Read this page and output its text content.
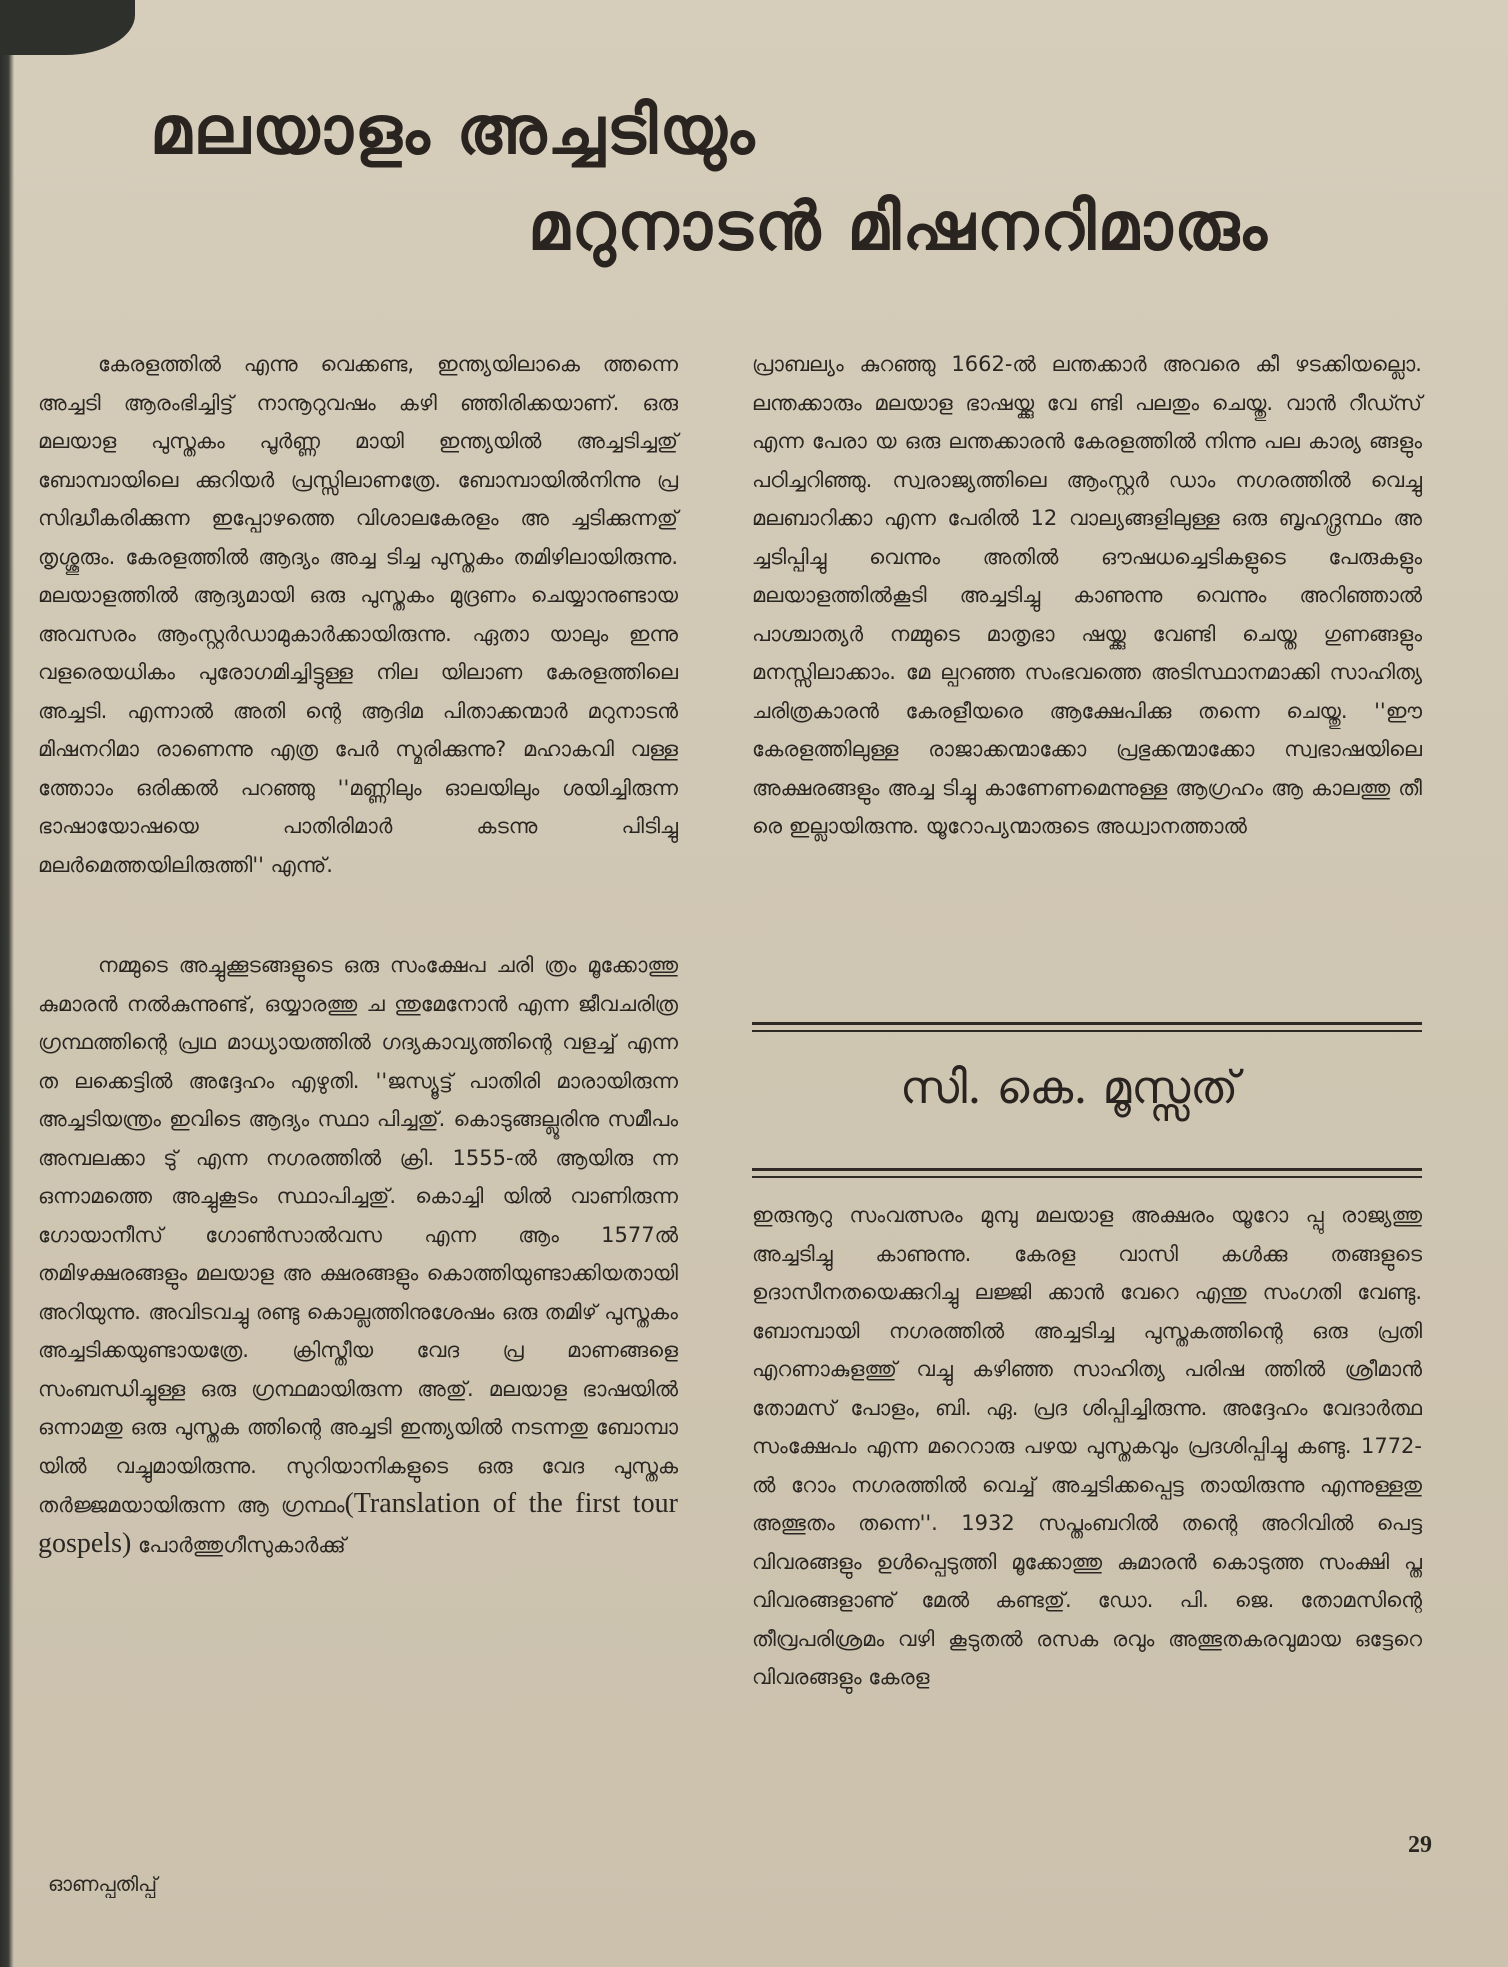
മലയാളം അച്ചടിയും
മറുനാടൻ മിഷനറിമാരും

കേരളത്തിൽ എന്നു വെക്കണ്ട, ഇന്ത്യയിലാകെ ത്തന്നെ അച്ചടി ആരംഭിച്ചിട്ട് നാനൂറുവഷം കഴി ഞ്ഞിരിക്കയാണ്. ഒരു മലയാള പുസ്തകം പൂർണ്ണ മായി ഇന്ത്യയിൽ അച്ചടിച്ചതു് ബോമ്പായിലെ ക്കുറിയർ പ്രസ്സിലാണത്രേ. ബോമ്പായിൽനിന്നു പ്ര സിദ്ധീകരിക്കുന്ന ഇപ്പോഴത്തെ വിശാലകേരളം അ ച്ചടിക്കുന്നതു് തൃശ്ശൂരും. കേരളത്തിൽ ആദ്യം അച്ച ടിച്ച പുസ്തകം തമിഴിലായിരുന്നു. മലയാളത്തിൽ ആദ്യമായി ഒരു പുസ്തകം മുദ്രണം ചെയ്യാനുണ്ടായ അവസരം ആംസ്റ്റർഡാമുകാർക്കായിരുന്നു. ഏതാ യാലും ഇന്നു വളരെയധികം പുരോഗമിച്ചിട്ടുള്ള നില യിലാണ കേരളത്തിലെ അച്ചടി. എന്നാൽ അതി ന്റെ ആദിമ പിതാക്കന്മാർ മറുനാടൻ മിഷനറിമാ രാണെന്നു എത്ര പേർ സ്മരിക്കുന്നു? മഹാകവി വള്ള ത്തോാം ഒരിക്കൽ പറഞ്ഞു ''മണ്ണിലും ഓലയിലും ശയിച്ചിരുന്ന ഭാഷായോഷയെ പാതിരിമാർ കടന്നു പിടിച്ചു മലർമെത്തയിലിരുത്തി'' എന്നു്.

നമ്മുടെ അച്ചുക്കൂടങ്ങളുടെ ഒരു സംക്ഷേപ ചരി ത്രം മൂക്കോത്തു കുമാരൻ നൽകുന്നുണ്ട്, ഒയ്യാരത്തു ച ന്തുമേനോൻ എന്ന ജീവചരിത്ര ഗ്രന്ഥത്തിന്റെ പ്രഥ മാധ്യായത്തിൽ ഗദ്യകാവ്യത്തിന്റെ വളച്ച് എന്ന ത ലക്കെട്ടിൽ അദ്ദേഹം എഴുതി. ''ജസ്യൂട്ട് പാതിരി മാരായിരുന്ന അച്ചടിയന്ത്രം ഇവിടെ ആദ്യം സ്ഥാ പിച്ചതു്. കൊടുങ്ങല്ലൂരിനു സമീപം അമ്പലക്കാ ടു് എന്ന നഗരത്തിൽ ക്രി. 1555-ൽ ആയിരു ന്ന ഒന്നാമത്തെ അച്ചുകൂടം സ്ഥാപിച്ചതു്. കൊച്ചി യിൽ വാണിരുന്ന ഗോയാനീസ് ഗോൺസാൽവസ എന്ന ആം 1577ൽ തമിഴക്ഷരങ്ങളും മലയാള അ ക്ഷരങ്ങളും കൊത്തിയുണ്ടാക്കിയതായി അറിയുന്നു. അവിടവച്ചു രണ്ടു കൊല്ലത്തിനുശേഷം ഒരു തമിഴ് പുസ്തകം അച്ചടിക്കയുണ്ടായത്രേ. ക്രിസ്തീയ വേദ പ്ര മാണങ്ങളെ സംബന്ധിച്ചുള്ള ഒരു ഗ്രന്ഥമായിരുന്ന അതു്. മലയാള ഭാഷയിൽ ഒന്നാമതു ഒരു പുസ്തക ത്തിന്റെ അച്ചടി ഇന്ത്യയിൽ നടന്നതു ബോമ്പാ യിൽ വച്ചുമായിരുന്നു. സുറിയാനികളുടെ ഒരു വേദ പുസ്തക തർജ്ജമയായിരുന്ന ആ ഗ്രന്ഥം(Translation of the first tour gospels) പോർത്തുഗീസുകാർക്കു്

പ്രാബല്യം കുറഞ്ഞു 1662-ൽ ലന്തക്കാർ അവരെ കീ ഴടക്കിയല്ലൊ. ലന്തക്കാരും മലയാള ഭാഷയ്ക്കു വേ ണ്ടി പലതും ചെയ്തു. വാൻ റീഡ്സ് എന്ന പേരാ യ ഒരു ലന്തക്കാരൻ കേരളത്തിൽ നിന്നു പല കാര്യ ങ്ങളും പഠിച്ചറിഞ്ഞു. സ്വരാജ്യത്തിലെ ആംസ്റ്റർ ഡാം നഗരത്തിൽ വെച്ചു മലബാറിക്കാ എന്ന പേരിൽ 12 വാല്യങ്ങളിലുള്ള ഒരു ബൃഹദ്ഗ്രന്ഥം അ ച്ചടിപ്പിച്ചു വെന്നും അതിൽ ഔഷധച്ചെടികളുടെ പേരുകളും മലയാളത്തിൽകൂടി അച്ചടിച്ചു കാണുന്നു വെന്നും അറിഞ്ഞാൽ പാശ്ചാത്യർ നമ്മുടെ മാതൃഭാ ഷയ്ക്കു വേണ്ടി ചെയ്ത ഗുണങ്ങളും മനസ്സിലാക്കാം. മേ ല്പറഞ്ഞ സംഭവത്തെ അടിസ്ഥാനമാക്കി സാഹിത്യ ചരിത്രകാരൻ കേരളീയരെ ആക്ഷേപിക്കു തന്നെ ചെയ്തു. ''ഈ കേരളത്തിലുള്ള രാജാക്കന്മാക്കോ പ്രഭുക്കന്മാക്കോ സ്വഭാഷയിലെ അക്ഷരങ്ങളും അച്ച ടിച്ചു കാണേണമെന്നുള്ള ആഗ്രഹം ആ കാലത്തു തീ രെ ഇല്ലായിരുന്നു. യൂറോപ്യന്മാരുടെ അധ്വാനത്താൽ

സി. കെ. മൂസ്സത്

ഇരുനൂറു സംവത്സരം മുമ്പു മലയാള അക്ഷരം യൂറോ പ്പു രാജ്യത്തു അച്ചടിച്ചു കാണുന്നു. കേരള വാസി കൾക്കു തങ്ങളുടെ ഉദാസീനതയെക്കുറിച്ചു ലജ്ജി ക്കാൻ വേറെ എന്തു സംഗതി വേണ്ടു. ബോമ്പായി നഗരത്തിൽ അച്ചടിച്ച പുസ്തകത്തിന്റെ ഒരു പ്രതി എറണാകുളത്തു് വച്ചു കഴിഞ്ഞ സാഹിത്യ പരിഷ ത്തിൽ ശ്രീമാൻ തോമസ് പോളം, ബി. ഏ. പ്രദ ശിപ്പിച്ചിരുന്നു. അദ്ദേഹം വേദാർത്ഥ സംക്ഷേപം എന്ന മറെറാരു പഴയ പുസ്തകവും പ്രദശിപ്പിച്ചു കണ്ടു. 1772-ൽ റോം നഗരത്തിൽ വെച്ച് അച്ചടിക്കപ്പെട്ട തായിരുന്നു എന്നുള്ളതു അത്ഭുതം തന്നെ''. 1932 സപ്തംബറിൽ തന്റെ അറിവിൽ പെട്ട വിവരങ്ങളും ഉൾപ്പെടുത്തി മൂക്കോത്തു കുമാരൻ കൊടുത്ത സംക്ഷി പ്ത വിവരങ്ങളാണു് മേൽ കണ്ടതു്. ഡോ. പി. ജെ. തോമസിന്റെ തീവ്രപരിശ്രമം വഴി കൂടുതൽ രസക രവും അത്ഭുതകരവുമായ ഒട്ടേറെ വിവരങ്ങളും കേരള

29
ഓണപ്പതിപ്പ്
